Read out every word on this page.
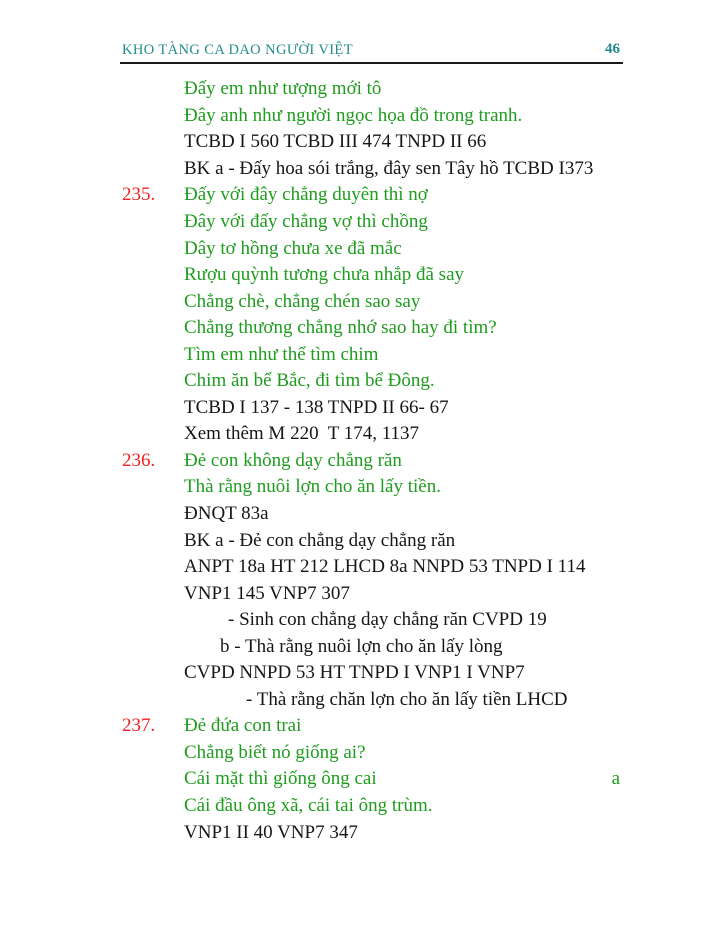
KHO TÀNG CA DAO NGƯỜI VIỆT	46
Đấy em như tượng mới tô
Đây anh như người ngọc họa đồ trong tranh.
TCBD I 560 TCBD III 474 TNPD II 66
BK a - Đấy hoa sói trắng, đây sen Tây hồ TCBD I373
235. Đấy với đây chẳng duyên thì nợ
Đây với đấy chẳng vợ thì chồng
Dây tơ hồng chưa xe đã mắc
Rượu quỳnh tương chưa nhắp đã say
Chẳng chè, chẳng chén sao say
Chẳng thương chẳng nhớ sao hay đi tìm?
Tìm em như thể tìm chim
Chim ăn bể Bắc, đi tìm bể Đông.
TCBD I 137 - 138 TNPD II 66- 67
Xem thêm M 220  T 174, 1137
236. Đẻ con không dạy chẳng răn
Thà rằng nuôi lợn cho ăn lấy tiền.
ĐNQT 83a
BK a - Đẻ con chẳng dạy chẳng răn
ANPT 18a HT 212 LHCD 8a NNPD 53 TNPD I 114
VNP1 145 VNP7 307
- Sinh con chẳng dạy chẳng răn CVPD 19
b - Thà rằng nuôi lợn cho ăn lấy lòng
CVPD NNPD 53 HT TNPD I VNP1 I VNP7
- Thà rằng chăn lợn cho ăn lấy tiền LHCD
237. Đẻ đứa con trai
Chẳng biết nó giống ai?
Cái mặt thì giống ông cai	a
Cái đầu ông xã, cái tai ông trùm.
VNP1 II 40 VNP7 347
